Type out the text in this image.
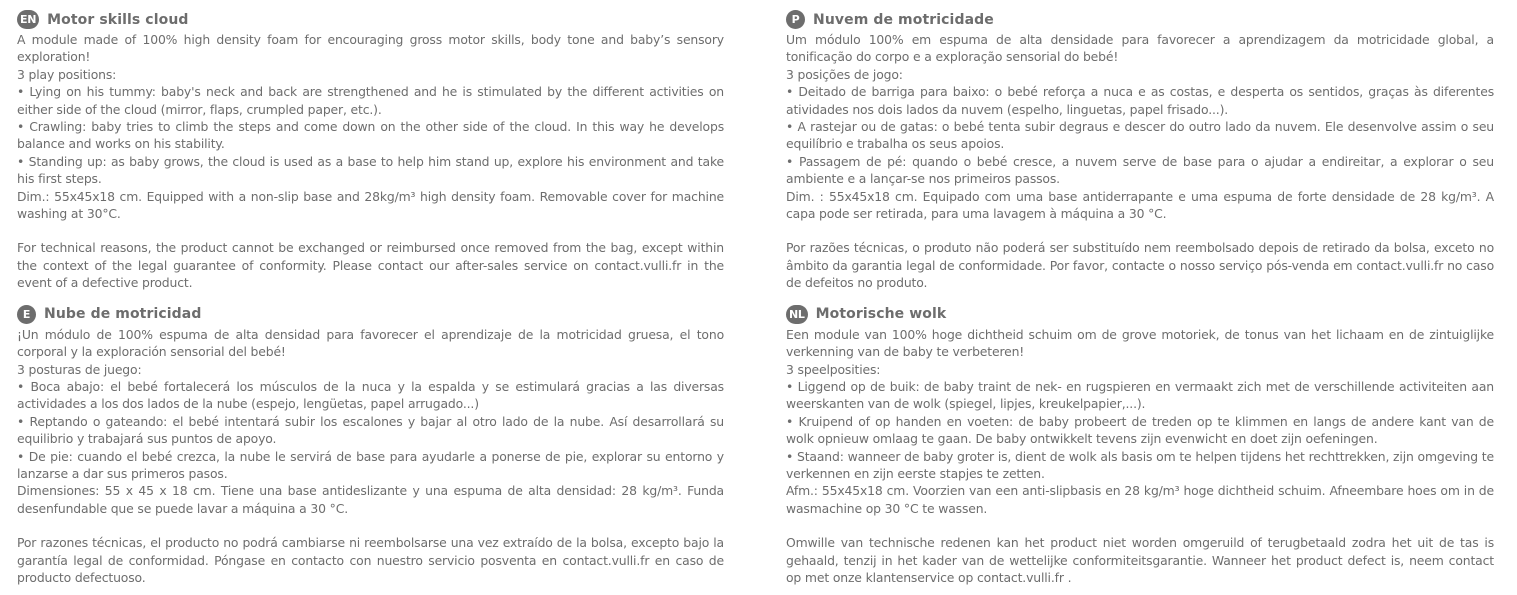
EN Motor skills cloud

A module made of 100% high density foam for encouraging gross motor skills, body tone and baby’s sensory exploration!

3 play positions:

• Lying on his tummy: baby's neck and back are strengthened and he is stimulated by the different activities on either side of the cloud (mirror, flaps, crumpled paper, etc.).

• Crawling: baby tries to climb the steps and come down on the other side of the cloud. In this way he develops balance and works on his stability.

• Standing up: as baby grows, the cloud is used as a base to help him stand up, explore his environment and take his first steps.

Dim.: 55x45x18 cm. Equipped with a non-slip base and 28kg/m³ high density foam. Removable cover for machine washing at 30°C.

For technical reasons, the product cannot be exchanged or reimbursed once removed from the bag, except within the context of the legal guarantee of conformity. Please contact our after-sales service on contact.vulli.fr in the event of a defective product.

E Nube de motricidad

¡Un módulo de 100% espuma de alta densidad para favorecer el aprendizaje de la motricidad gruesa, el tono corporal y la exploración sensorial del bebé!

3 posturas de juego:

• Boca abajo: el bebé fortalecerá los músculos de la nuca y la espalda y se estimulará gracias a las diversas actividades a los dos lados de la nube (espejo, lengüetas, papel arrugado...)

• Reptando o gateando: el bebé intentará subir los escalones y bajar al otro lado de la nube. Así desarrollará su equilibrio y trabajará sus puntos de apoyo.

• De pie: cuando el bebé crezca, la nube le servirá de base para ayudarle a ponerse de pie, explorar su entorno y lanzarse a dar sus primeros pasos.

Dimensiones: 55 x 45 x 18 cm. Tiene una base antideslizante y una espuma de alta densidad: 28 kg/m³. Funda desenfundable que se puede lavar a máquina a 30 °C.

Por razones técnicas, el producto no podrá cambiarse ni reembolsarse una vez extraído de la bolsa, excepto bajo la garantía legal de conformidad. Póngase en contacto con nuestro servicio posventa en contact.vulli.fr en caso de producto defectuoso.

P Nuvem de motricidade

Um módulo 100% em espuma de alta densidade para favorecer a aprendizagem da motricidade global, a tonificação do corpo e a exploração sensorial do bebé!

3 posições de jogo:

• Deitado de barriga para baixo: o bebé reforça a nuca e as costas, e desperta os sentidos, graças às diferentes atividades nos dois lados da nuvem (espelho, linguetas, papel frisado...).

• A rastejar ou de gatas: o bebé tenta subir degraus e descer do outro lado da nuvem. Ele desenvolve assim o seu equilíbrio e trabalha os seus apoios.

• Passagem de pé: quando o bebé cresce, a nuvem serve de base para o ajudar a endireitar, a explorar o seu ambiente e a lançar-se nos primeiros passos.

Dim. : 55x45x18 cm. Equipado com uma base antiderrapante e uma espuma de forte densidade de 28 kg/m³. A capa pode ser retirada, para uma lavagem à máquina a 30 °C.

Por razões técnicas, o produto não poderá ser substituído nem reembolsado depois de retirado da bolsa, exceto no âmbito da garantia legal de conformidade. Por favor, contacte o nosso serviço pós-venda em contact.vulli.fr no caso de defeitos no produto.

NL Motorische wolk

Een module van 100% hoge dichtheid schuim om de grove motoriek, de tonus van het lichaam en de zintuiglijke verkenning van de baby te verbeteren!

3 speelposities:

• Liggend op de buik: de baby traint de nek- en rugspieren en vermaakt zich met de verschillende activiteiten aan weerskanten van de wolk (spiegel, lipjes, kreukelpapier,...).

• Kruipend of op handen en voeten: de baby probeert de treden op te klimmen en langs de andere kant van de wolk opnieuw omlaag te gaan. De baby ontwikkelt tevens zijn evenwicht en doet zijn oefeningen.

• Staand: wanneer de baby groter is, dient de wolk als basis om te helpen tijdens het rechttrekken, zijn omgeving te verkennen en zijn eerste stapjes te zetten.

Afm.: 55x45x18 cm. Voorzien van een anti-slipbasis en 28 kg/m³ hoge dichtheid schuim. Afneembare hoes om in de wasmachine op 30 °C te wassen.

Omwille van technische redenen kan het product niet worden omgeruild of terugbetaald zodra het uit de tas is gehaald, tenzij in het kader van de wettelijke conformiteitsgarantie. Wanneer het product defect is, neem contact op met onze klantenservice op contact.vulli.fr .
